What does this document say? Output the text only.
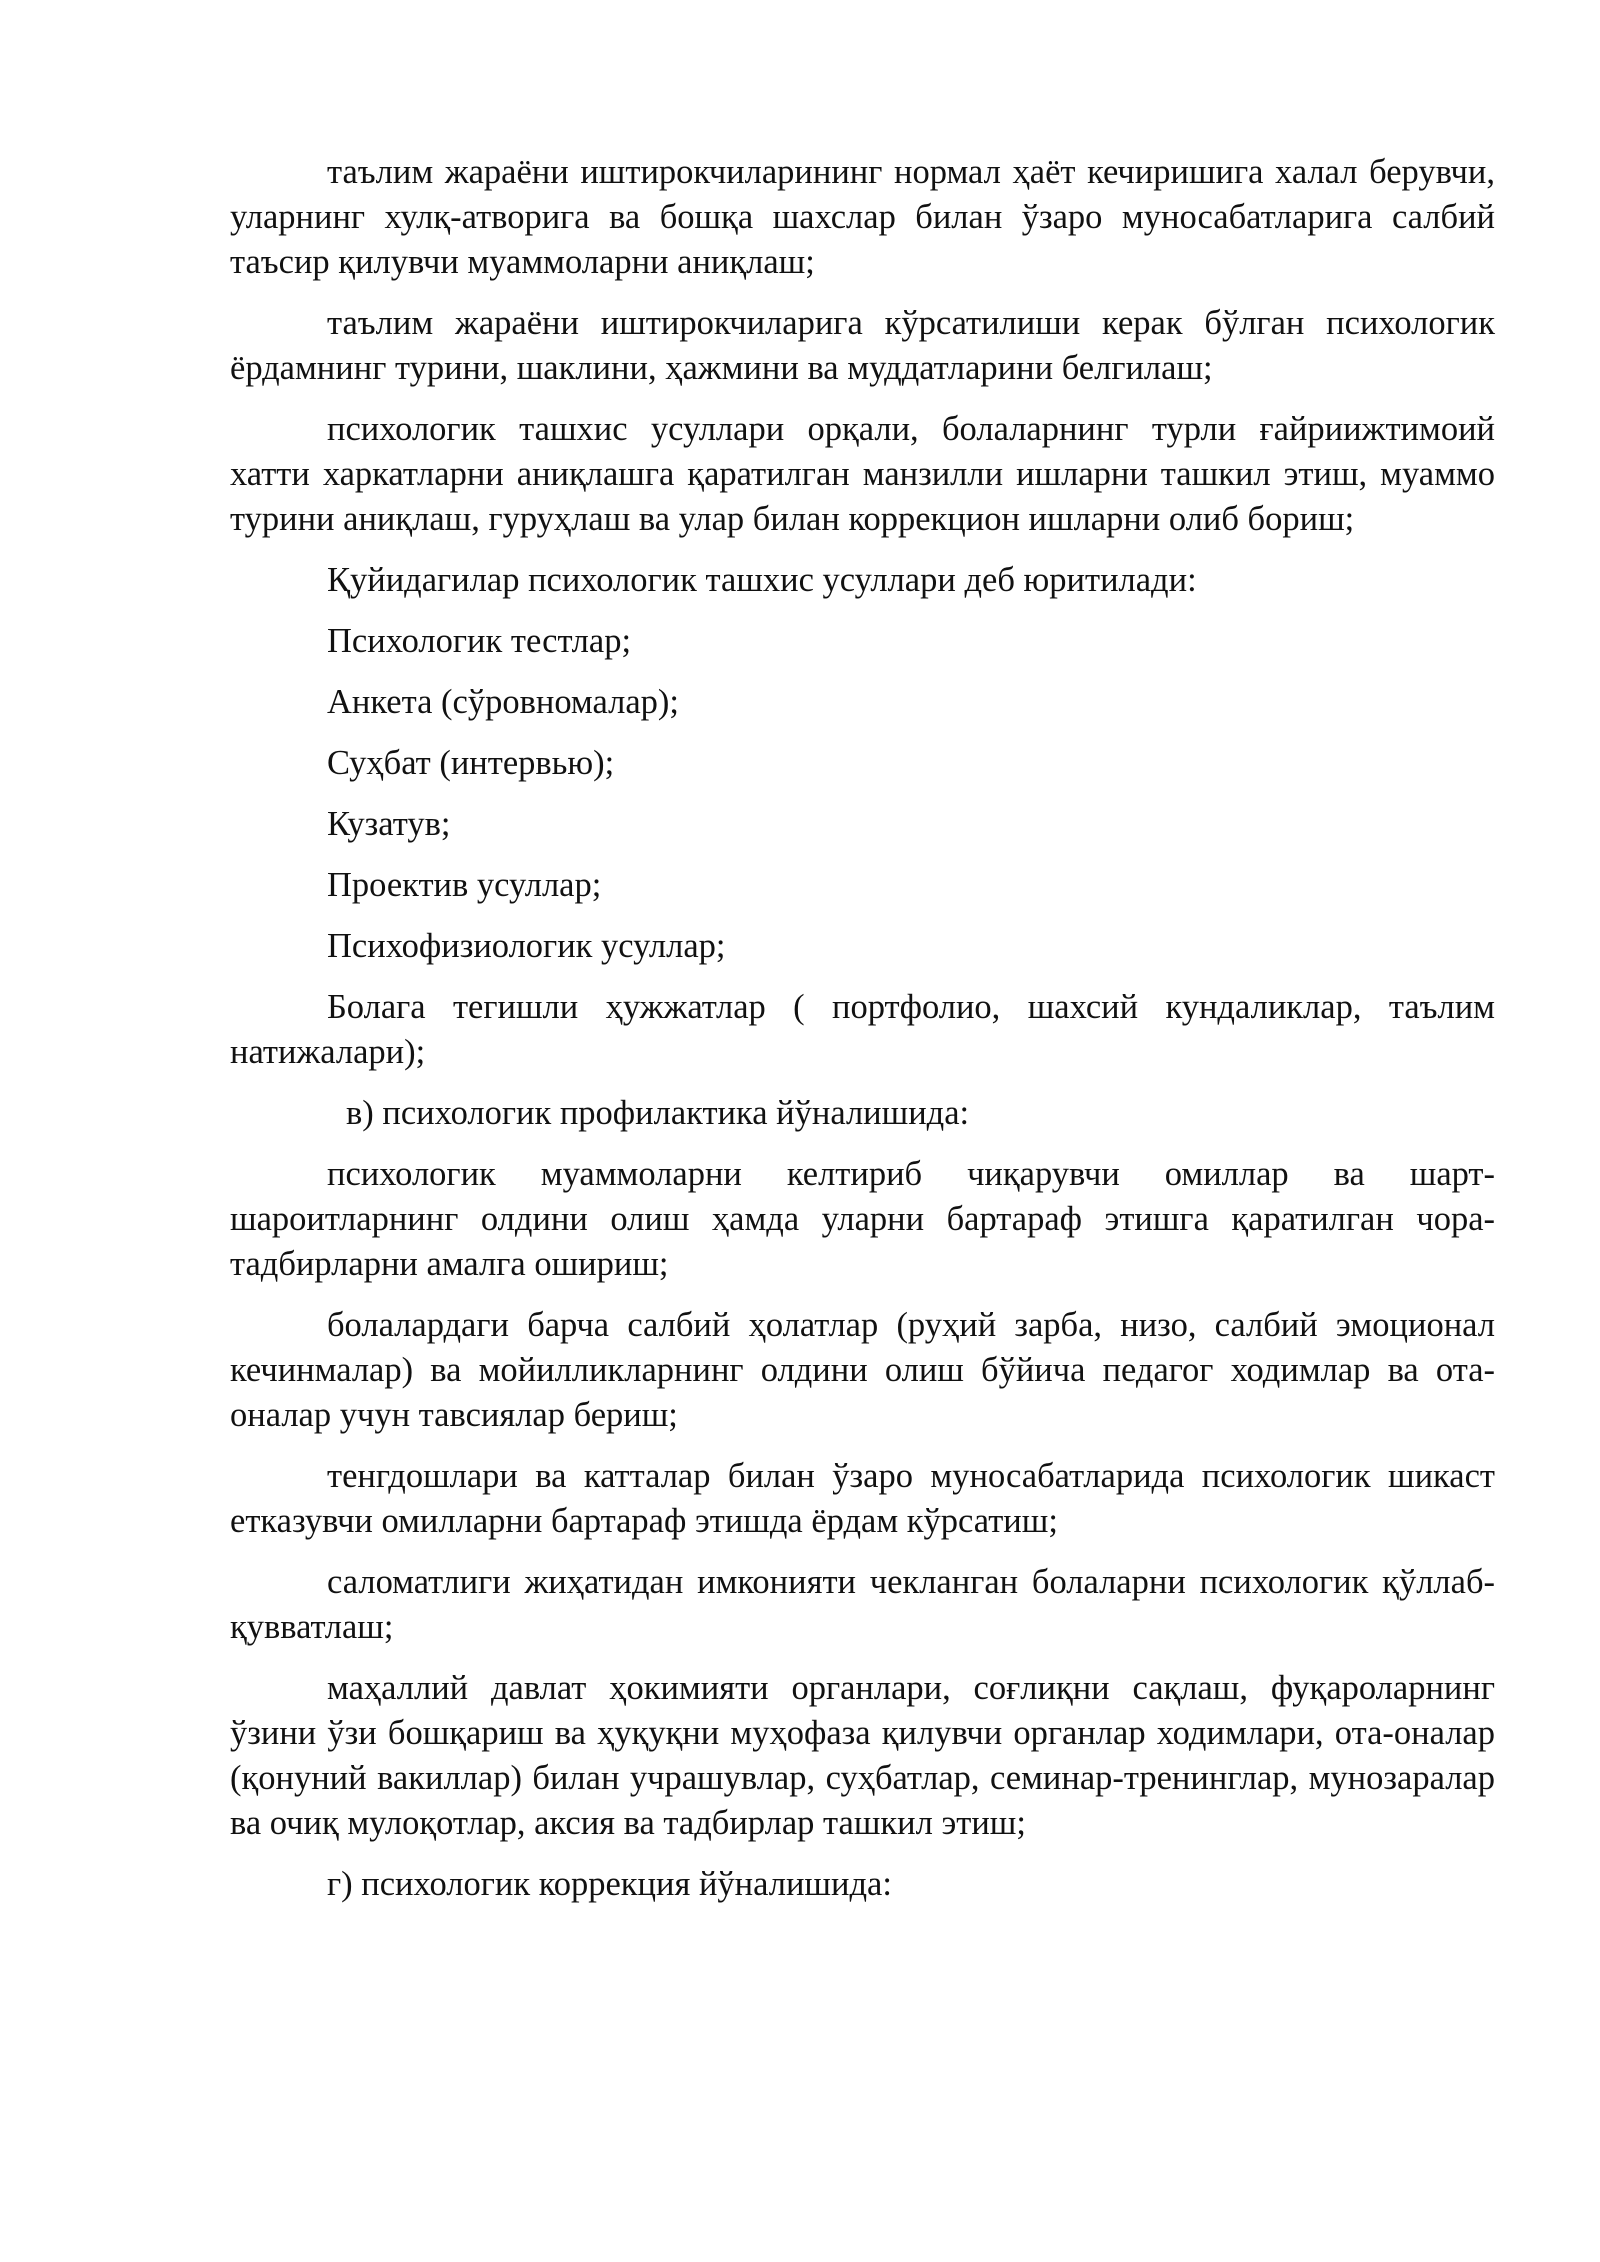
таълим жараёни иштирокчиларининг нормал ҳаёт кечиришига халал берувчи, уларнинг хулқ-атворига ва бошқа шахслар билан ўзаро муносабатларига салбий таъсир қилувчи муаммоларни аниқлаш;

таълим жараёни иштирокчиларига кўрсатилиши керак бўлган психологик ёрдамнинг турини, шаклини, ҳажмини ва муддатларини белгилаш;

психологик ташхис усуллари орқали, болаларнинг турли ғайриижтимоий хатти харкатларни аниқлашга қаратилган манзилли ишларни ташкил этиш, муаммо турини аниқлаш, гуруҳлаш ва улар билан коррекцион ишларни олиб бориш;

Қуйидагилар психологик ташхис усуллари деб юритилади:

Психологик тестлар;

Анкета (сўровномалар);

Суҳбат (интервью);

Кузатув;

Проектив усуллар;

Психофизиологик усуллар;

Болага тегишли ҳужжатлар ( портфолио, шахсий кундаликлар, таълим натижалари);

в) психологик профилактика йўналишида:

психологик муаммоларни келтириб чиқарувчи омиллар ва шарт-шароитларнинг олдини олиш ҳамда уларни бартараф этишга қаратилган чора-тадбирларни амалга ошириш;

болалардаги барча салбий ҳолатлар (руҳий зарба, низо, салбий эмоционал кечинмалар) ва мойилликларнинг олдини олиш бўйича педагог ходимлар ва ота-оналар учун тавсиялар бериш;

тенгдошлари ва катталар билан ўзаро муносабатларида психологик шикаст етказувчи омилларни бартараф этишда ёрдам кўрсатиш;

саломатлиги жиҳатидан имконияти чекланган болаларни психологик қўллаб-қувватлаш;

маҳаллий давлат ҳокимияти органлари, соғлиқни сақлаш, фуқароларнинг ўзини ўзи бошқариш ва ҳуқуқни муҳофаза қилувчи органлар ходимлари, ота-оналар (қонуний вакиллар) билан учрашувлар, суҳбатлар, семинар-тренинглар, мунозаралар ва очиқ мулоқотлар, аксия ва тадбирлар ташкил этиш;

г) психологик коррекция йўналишида:
